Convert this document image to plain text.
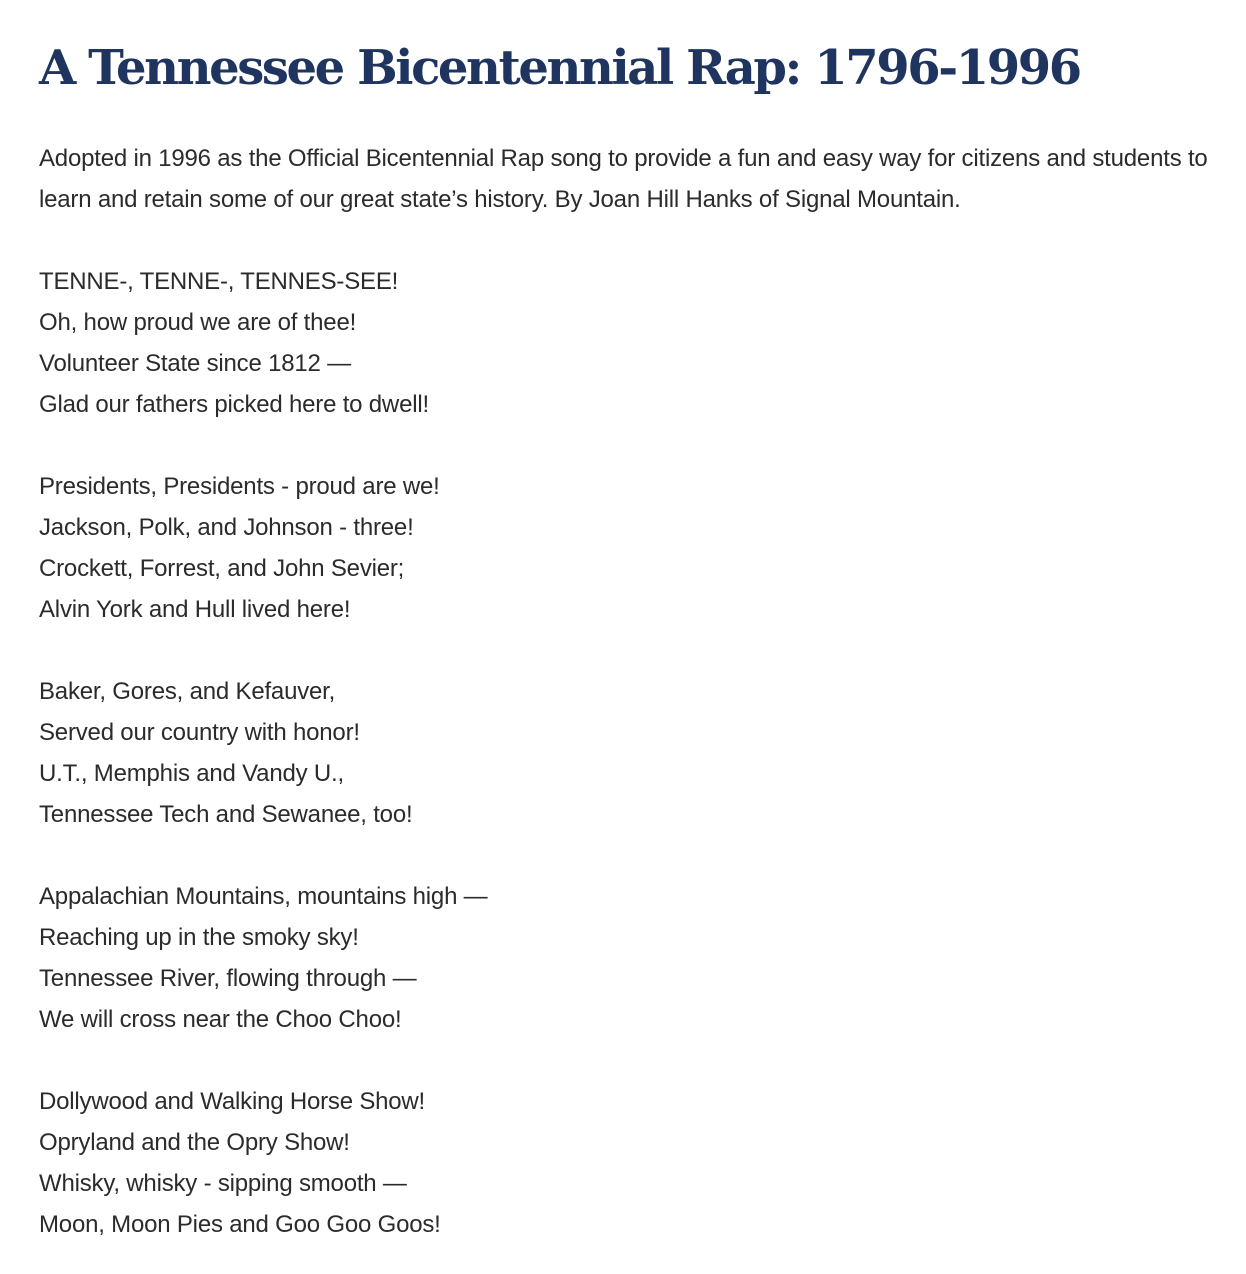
A Tennessee Bicentennial Rap: 1796-1996

Adopted in 1996 as the Official Bicentennial Rap song to provide a fun and easy way for citizens and students to learn and retain some of our great state’s history. By Joan Hill Hanks of Signal Mountain.

TENNE-, TENNE-, TENNES-SEE!
Oh, how proud we are of thee!
Volunteer State since 1812 —
Glad our fathers picked here to dwell!
Presidents, Presidents - proud are we!
Jackson, Polk, and Johnson - three!
Crockett, Forrest, and John Sevier;
Alvin York and Hull lived here!
Baker, Gores, and Kefauver,
Served our country with honor!
U.T., Memphis and Vandy U.,
Tennessee Tech and Sewanee, too!
Appalachian Mountains, mountains high —
Reaching up in the smoky sky!
Tennessee River, flowing through —
We will cross near the Choo Choo!
Dollywood and Walking Horse Show!
Opryland and the Opry Show!
Whisky, whisky - sipping smooth —
Moon, Moon Pies and Goo Goo Goos!
